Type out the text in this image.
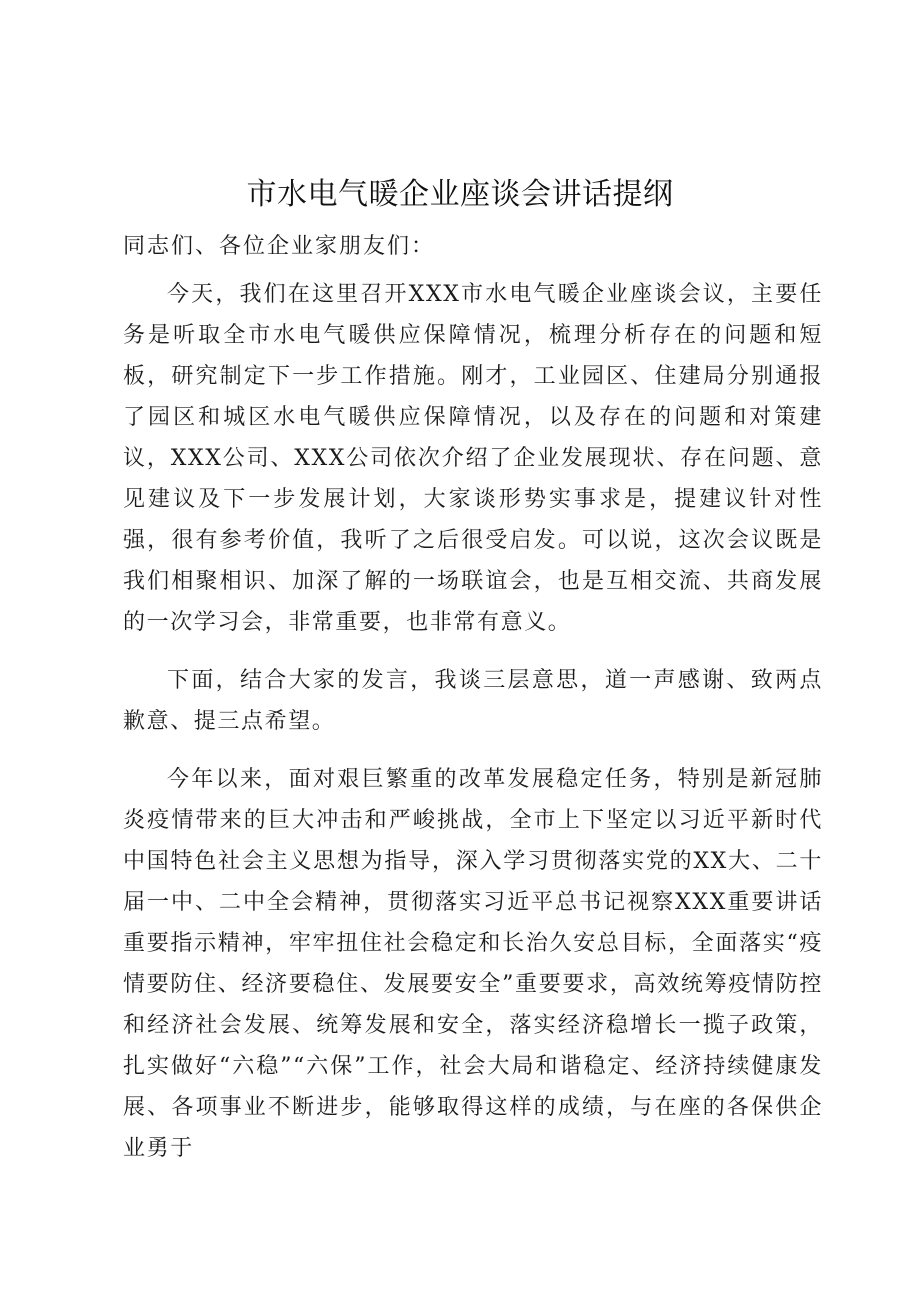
市水电气暖企业座谈会讲话提纲

同志们、各位企业家朋友们：

今天，我们在这里召开XXX市水电气暖企业座谈会议，主要任务是听取全市水电气暖供应保障情况，梳理分析存在的问题和短板，研究制定下一步工作措施。刚才，工业园区、住建局分别通报了园区和城区水电气暖供应保障情况，以及存在的问题和对策建议，XXX公司、XXX公司依次介绍了企业发展现状、存在问题、意见建议及下一步发展计划，大家谈形势实事求是，提建议针对性强，很有参考价值，我听了之后很受启发。可以说，这次会议既是我们相聚相识、加深了解的一场联谊会，也是互相交流、共商发展的一次学习会，非常重要，也非常有意义。

下面，结合大家的发言，我谈三层意思，道一声感谢、致两点歉意、提三点希望。

今年以来，面对艰巨繁重的改革发展稳定任务，特别是新冠肺炎疫情带来的巨大冲击和严峻挑战，全市上下坚定以习近平新时代中国特色社会主义思想为指导，深入学习贯彻落实党的XX大、二十届一中、二中全会精神，贯彻落实习近平总书记视察XXX重要讲话重要指示精神，牢牢扭住社会稳定和长治久安总目标，全面落实“疫情要防住、经济要稳住、发展要安全”重要要求，高效统筹疫情防控和经济社会发展、统筹发展和安全，落实经济稳增长一揽子政策，扎实做好“六稳”“六保”工作，社会大局和谐稳定、经济持续健康发展、各项事业不断进步，能够取得这样的成绩，与在座的各保供企业勇于
